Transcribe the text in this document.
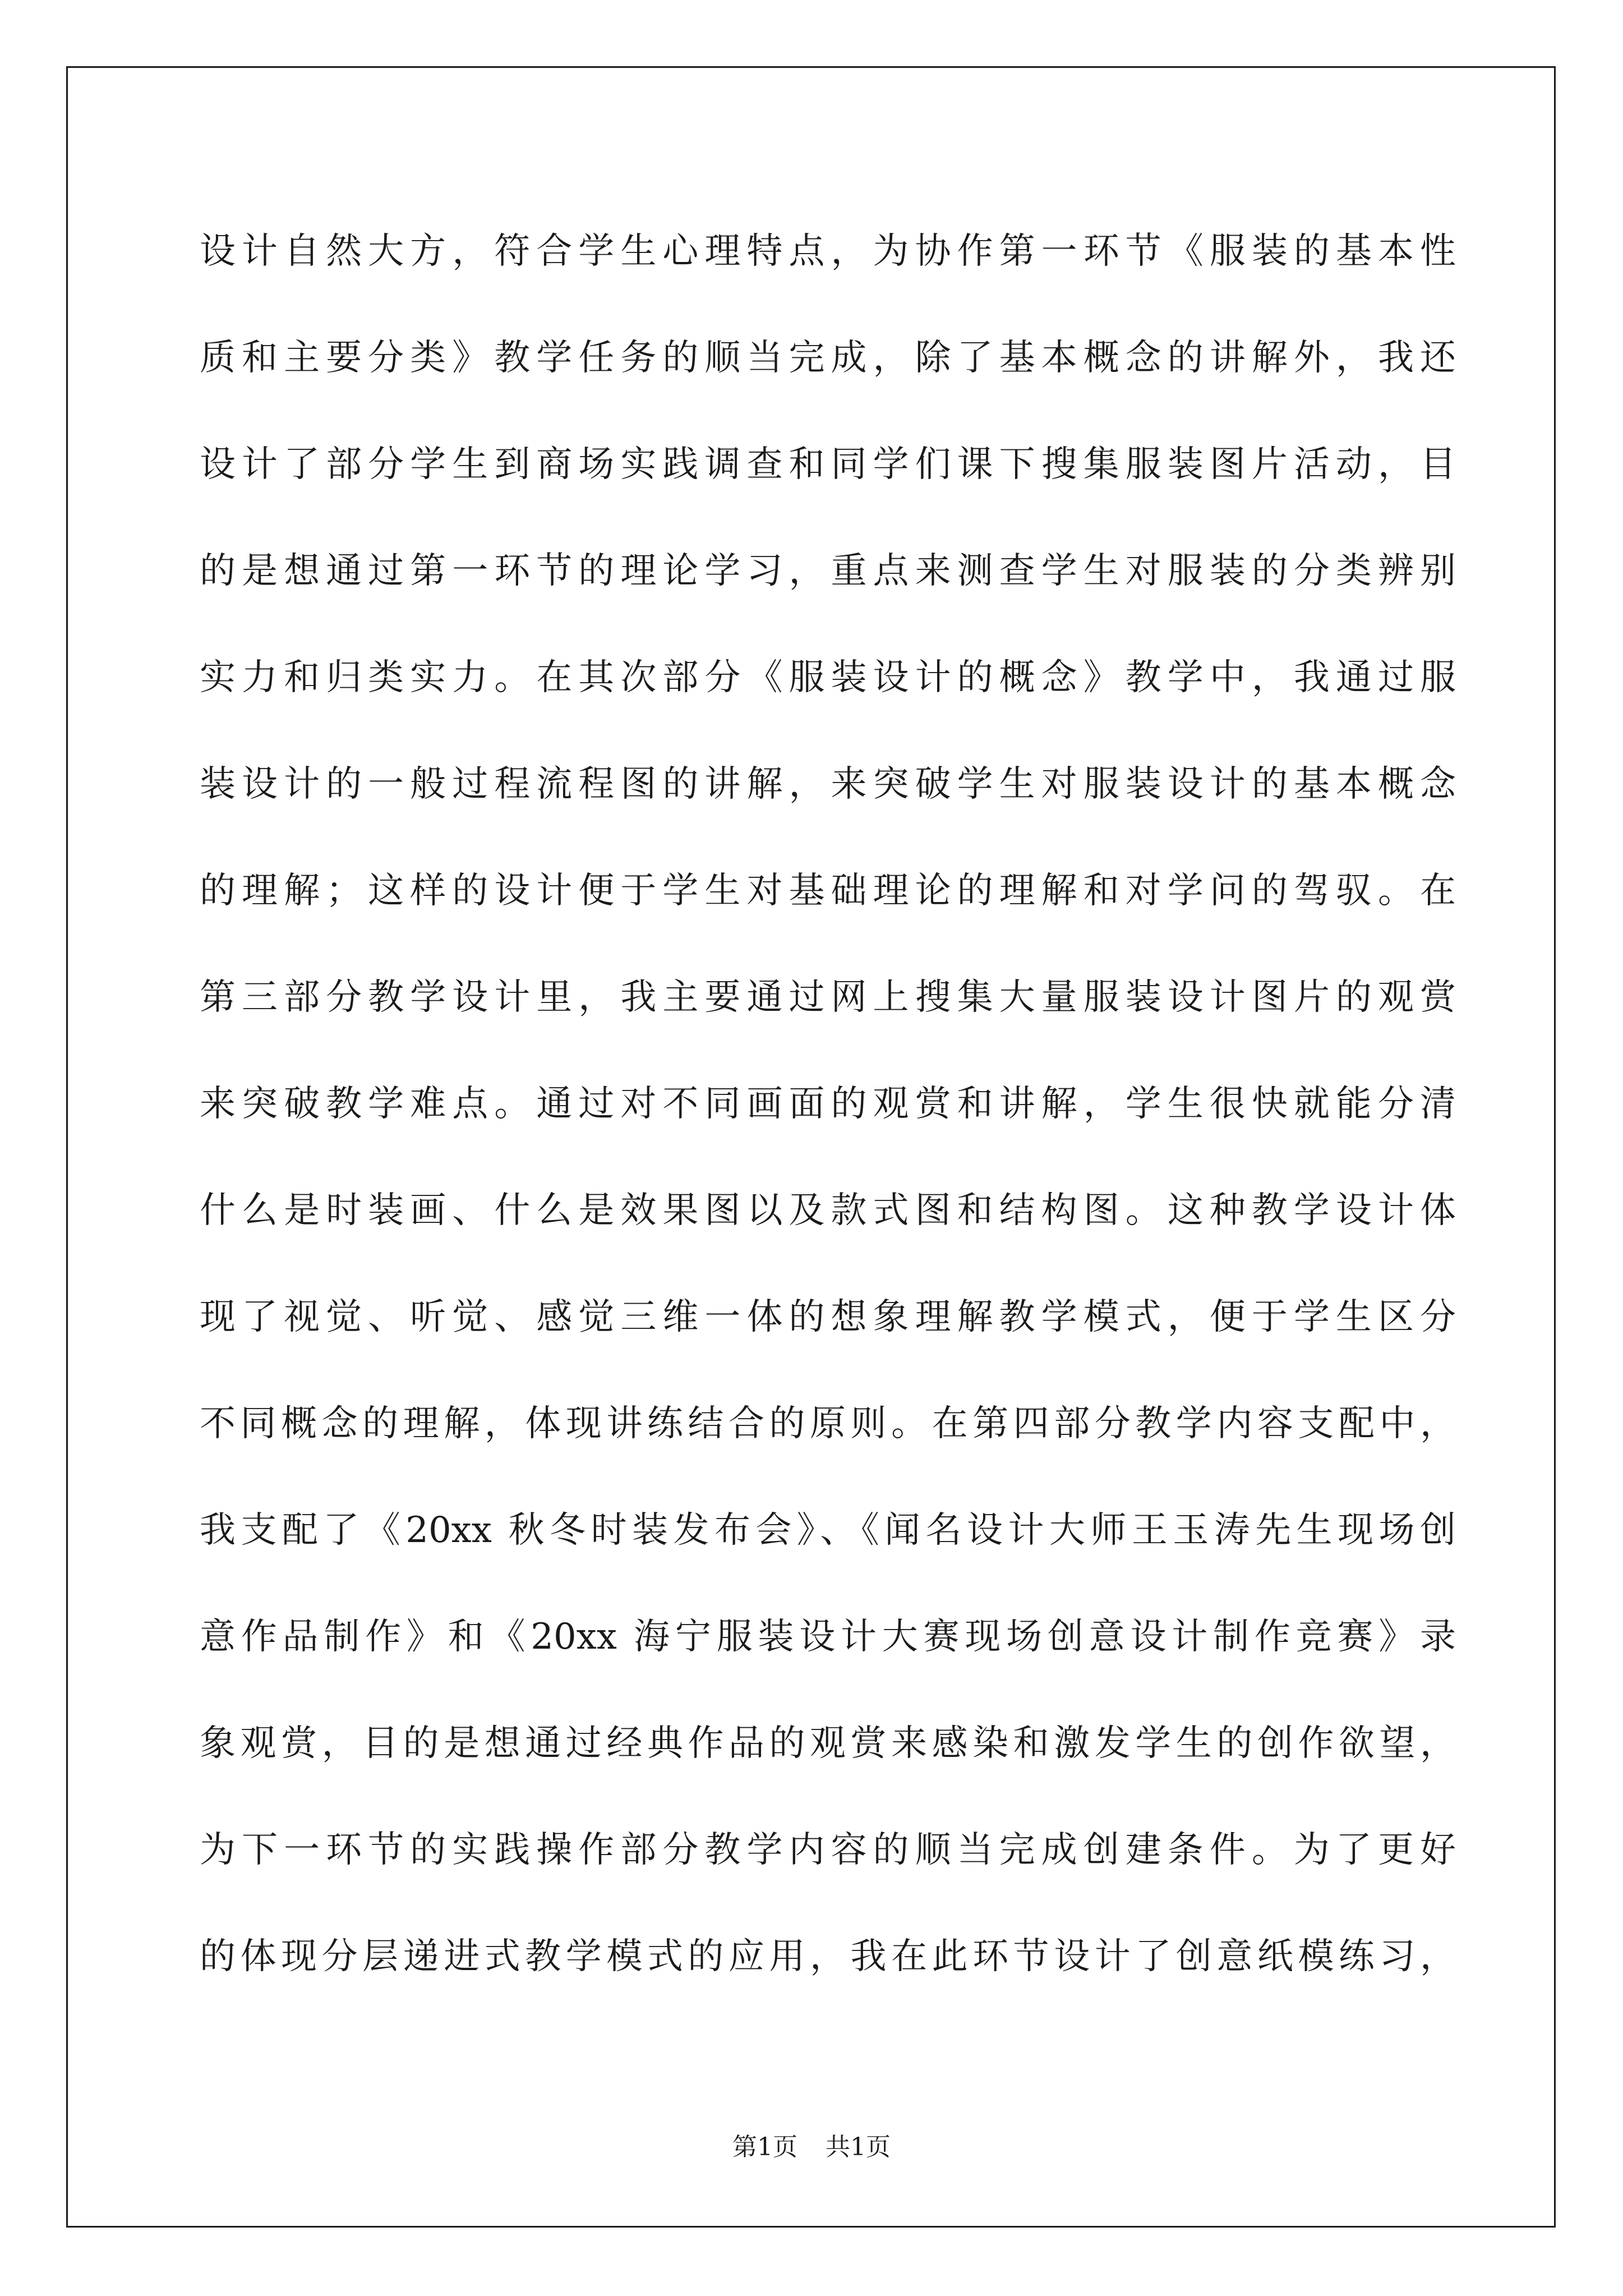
设计自然大方，符合学生心理特点，为协作第一环节《服装的基本性
质和主要分类》教学任务的顺当完成，除了基本概念的讲解外，我还
设计了部分学生到商场实践调查和同学们课下搜集服装图片活动，目
的是想通过第一环节的理论学习，重点来测查学生对服装的分类辨别
实力和归类实力。在其次部分《服装设计的概念》教学中，我通过服
装设计的一般过程流程图的讲解，来突破学生对服装设计的基本概念
的理解；这样的设计便于学生对基础理论的理解和对学问的驾驭。在
第三部分教学设计里，我主要通过网上搜集大量服装设计图片的观赏
来突破教学难点。通过对不同画面的观赏和讲解，学生很快就能分清
什么是时装画、什么是效果图以及款式图和结构图。这种教学设计体
现了视觉、听觉、感觉三维一体的想象理解教学模式，便于学生区分
不同概念的理解，体现讲练结合的原则。在第四部分教学内容支配中，
我支配了《20xx 秋冬时装发布会》、《闻名设计大师王玉涛先生现场创
意作品制作》和《20xx 海宁服装设计大赛现场创意设计制作竞赛》录
象观赏，目的是想通过经典作品的观赏来感染和激发学生的创作欲望，
为下一环节的实践操作部分教学内容的顺当完成创建条件。为了更好
的体现分层递进式教学模式的应用，我在此环节设计了创意纸模练习，
第1页 共1页
